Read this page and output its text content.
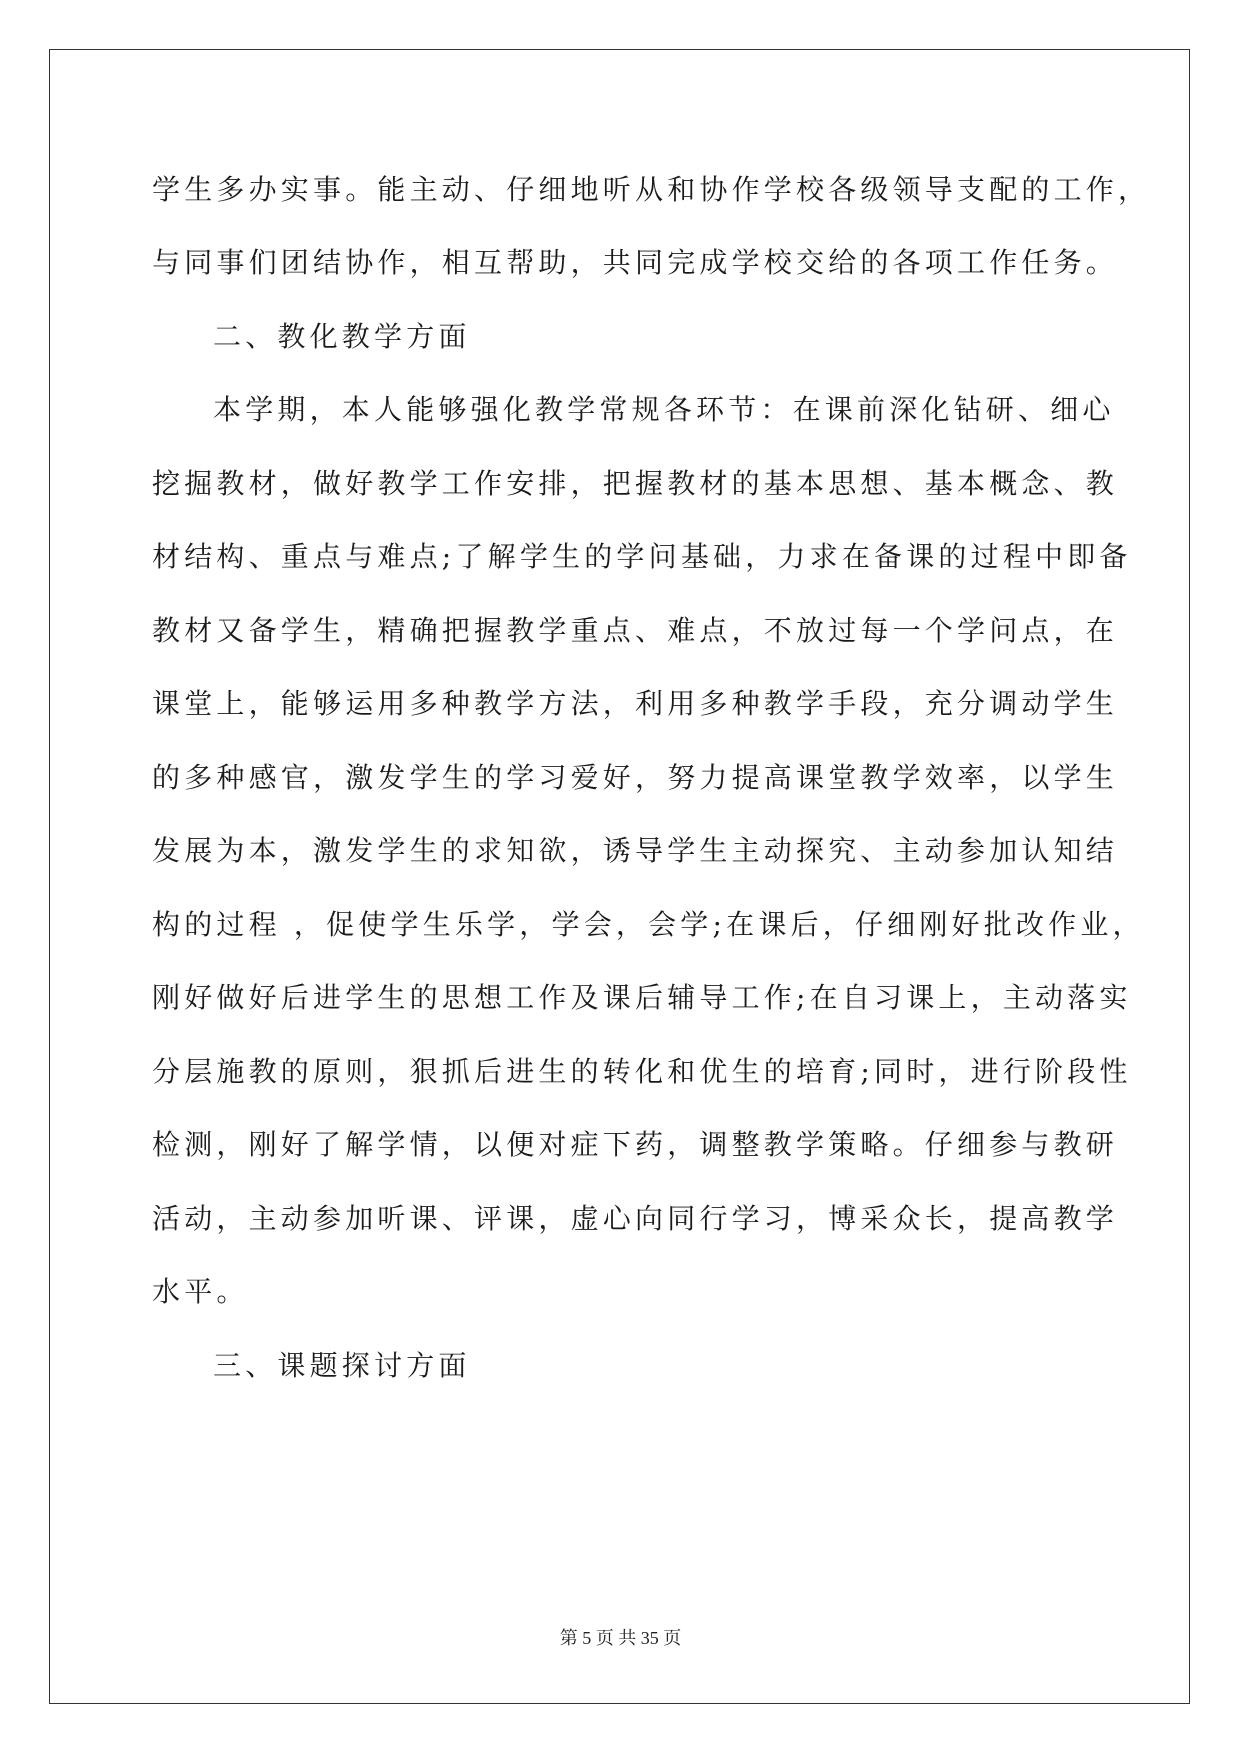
学生多办实事。能主动、仔细地听从和协作学校各级领导支配的工作，
与同事们团结协作，相互帮助，共同完成学校交给的各项工作任务。
二、教化教学方面
本学期，本人能够强化教学常规各环节：在课前深化钻研、细心
挖掘教材，做好教学工作安排，把握教材的基本思想、基本概念、教
材结构、重点与难点;了解学生的学问基础，力求在备课的过程中即备
教材又备学生，精确把握教学重点、难点，不放过每一个学问点，在
课堂上，能够运用多种教学方法，利用多种教学手段，充分调动学生
的多种感官，激发学生的学习爱好，努力提高课堂教学效率，以学生
发展为本，激发学生的求知欲，诱导学生主动探究、主动参加认知结
构的过程 ，促使学生乐学，学会，会学;在课后，仔细刚好批改作业，
刚好做好后进学生的思想工作及课后辅导工作;在自习课上，主动落实
分层施教的原则，狠抓后进生的转化和优生的培育;同时，进行阶段性
检测，刚好了解学情，以便对症下药，调整教学策略。仔细参与教研
活动，主动参加听课、评课，虚心向同行学习，博采众长，提高教学
水平。
三、课题探讨方面
第 5 页 共 35 页
